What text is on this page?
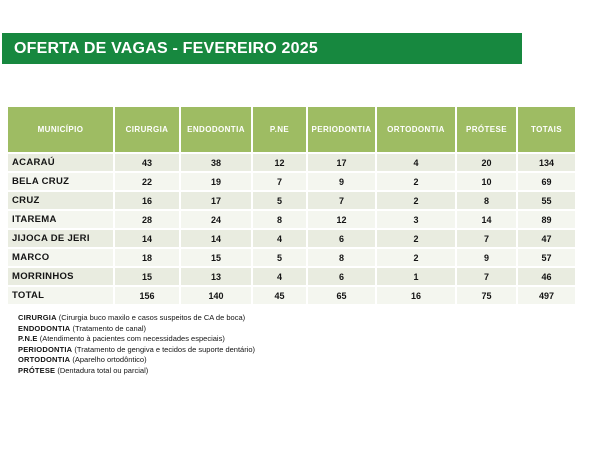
OFERTA DE VAGAS - FEVEREIRO 2025
MUNICÍPIO	CIRURGIA	ENDODONTIA	P.NE	PERIODONTIA	ORTODONTIA	PRÓTESE	TOTAIS
ACARAÚ	43	38	12	17	4	20	134
BELA CRUZ	22	19	7	9	2	10	69
CRUZ	16	17	5	7	2	8	55
ITAREMA	28	24	8	12	3	14	89
JIJOCA DE JERI	14	14	4	6	2	7	47
MARCO	18	15	5	8	2	9	57
MORRINHOS	15	13	4	6	1	7	46
TOTAL	156	140	45	65	16	75	497
CIRURGIA (Cirurgia buco maxilo e casos suspeitos de CA de boca)
ENDODONTIA (Tratamento de canal)
P.N.E (Atendimento à pacientes com necessidades especiais)
PERIODONTIA (Tratamento de gengiva e tecidos de suporte dentário)
ORTODONTIA (Aparelho ortodôntico)
PRÓTESE (Dentadura total ou parcial)
